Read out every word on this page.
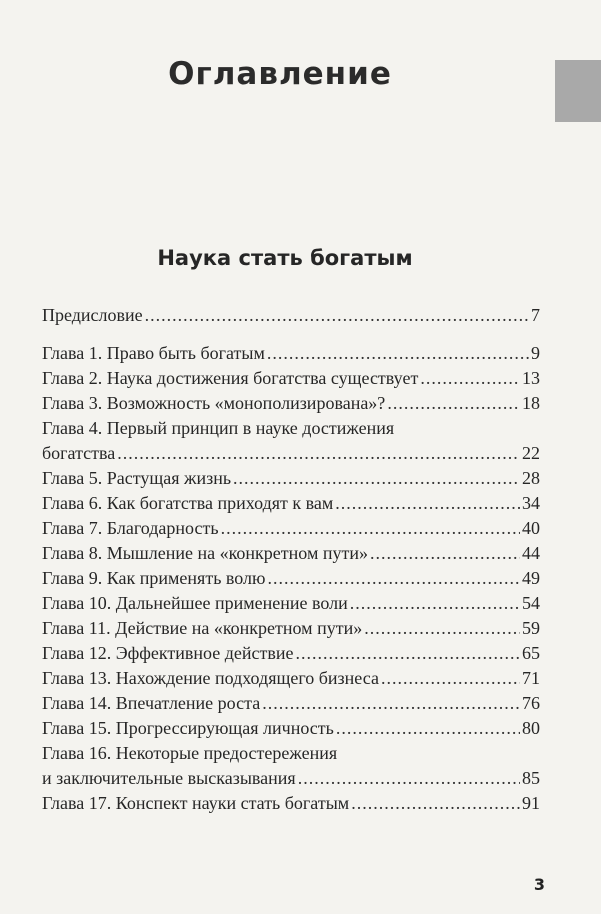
Оглавление
Наука стать богатым
Предисловие .....	7
Глава 1. Право быть богатым .....	9
Глава 2. Наука достижения богатства существует .....	13
Глава 3. Возможность «монополизирована»? .....	18
Глава 4. Первый принцип в науке достижения
богатства .....	22
Глава 5. Растущая жизнь .....	28
Глава 6. Как богатства приходят к вам .....	34
Глава 7. Благодарность .....	40
Глава 8. Мышление на «конкретном пути» .....	44
Глава 9. Как применять волю .....	49
Глава 10. Дальнейшее применение воли .....	54
Глава 11. Действие на «конкретном пути» .....	59
Глава 12. Эффективное действие .....	65
Глава 13. Нахождение подходящего бизнеса .....	71
Глава 14. Впечатление роста .....	76
Глава 15. Прогрессирующая личность .....	80
Глава 16. Некоторые предостережения
и заключительные высказывания .....	85
Глава 17. Конспект науки стать богатым .....	91
3
